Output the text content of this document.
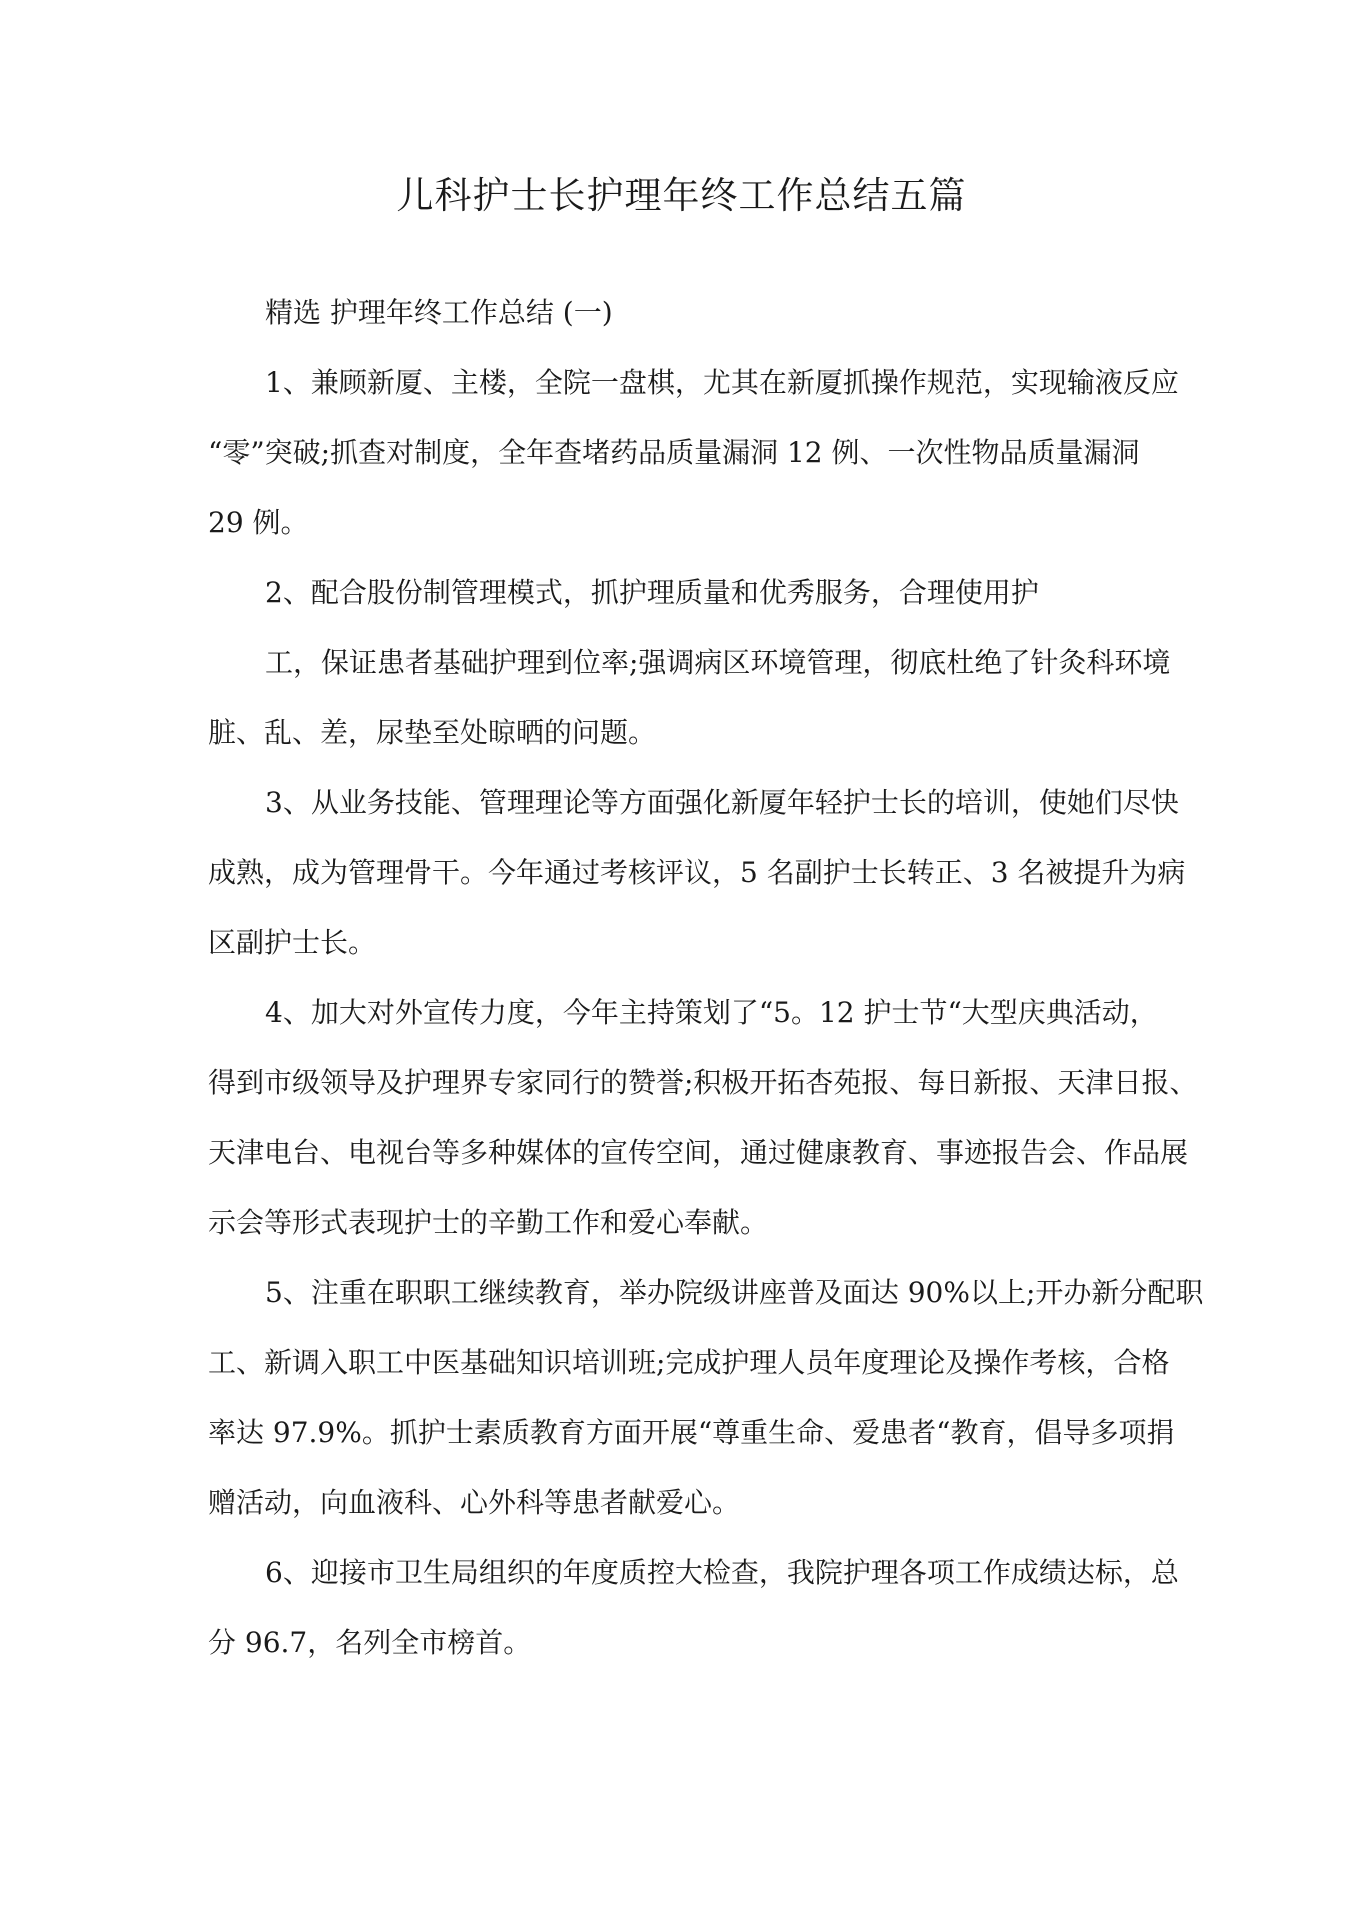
儿科护士长护理年终工作总结五篇
精选 护理年终工作总结 (一)
1、兼顾新厦、主楼，全院一盘棋，尤其在新厦抓操作规范，实现输液反应
“零”突破;抓查对制度，全年查堵药品质量漏洞 12 例、一次性物品质量漏洞
29 例。
2、配合股份制管理模式，抓护理质量和优秀服务，合理使用护
工，保证患者基础护理到位率;强调病区环境管理，彻底杜绝了针灸科环境
脏、乱、差，尿垫至处晾晒的问题。
3、从业务技能、管理理论等方面强化新厦年轻护士长的培训，使她们尽快
成熟，成为管理骨干。今年通过考核评议，5 名副护士长转正、3 名被提升为病
区副护士长。
4、加大对外宣传力度，今年主持策划了“5。12 护士节“大型庆典活动，
得到市级领导及护理界专家同行的赞誉;积极开拓杏苑报、每日新报、天津日报、
天津电台、电视台等多种媒体的宣传空间，通过健康教育、事迹报告会、作品展
示会等形式表现护士的辛勤工作和爱心奉献。
5、注重在职职工继续教育，举办院级讲座普及面达 90%以上;开办新分配职
工、新调入职工中医基础知识培训班;完成护理人员年度理论及操作考核，合格
率达 97.9%。抓护士素质教育方面开展“尊重生命、爱患者“教育，倡导多项捐
赠活动，向血液科、心外科等患者献爱心。
6、迎接市卫生局组织的年度质控大检查，我院护理各项工作成绩达标，总
分 96.7，名列全市榜首。
